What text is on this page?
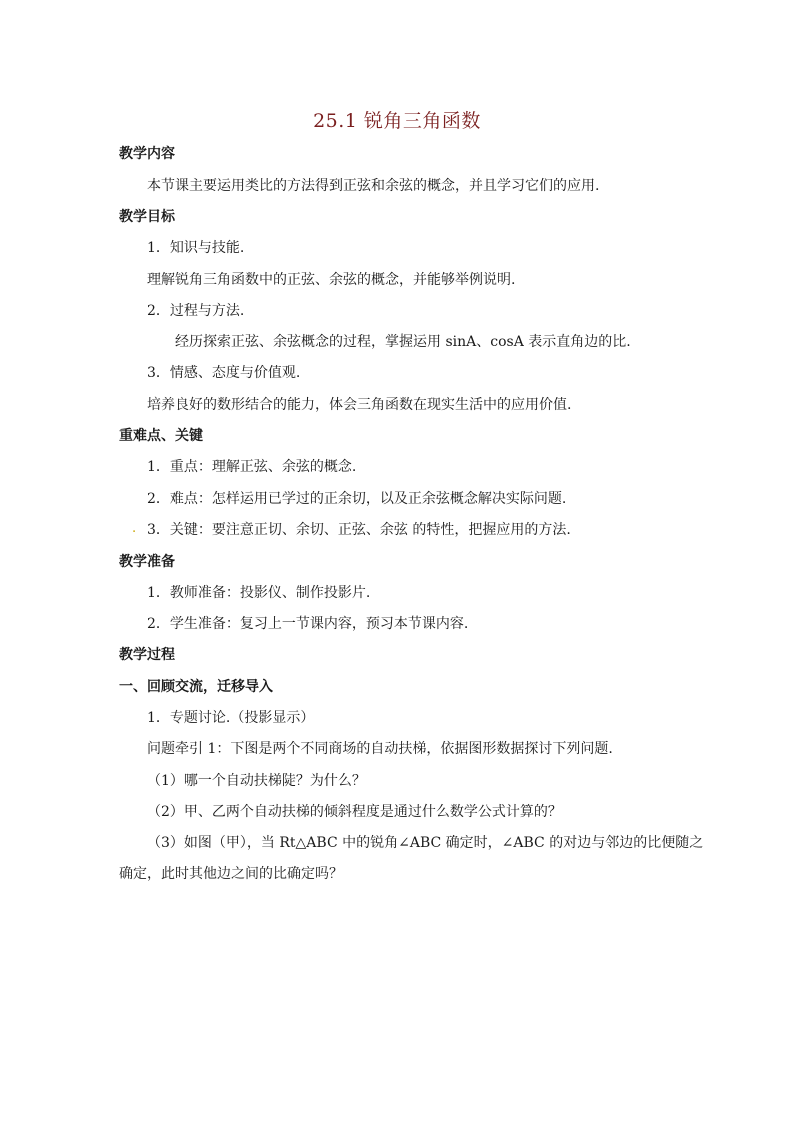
25.1 锐角三角函数
教学内容
本节课主要运用类比的方法得到正弦和余弦的概念，并且学习它们的应用.
教学目标
1．知识与技能.
理解锐角三角函数中的正弦、余弦的概念，并能够举例说明.
2．过程与方法.
经历探索正弦、余弦概念的过程，掌握运用 sinA、cosA 表示直角边的比.
3．情感、态度与价值观.
培养良好的数形结合的能力，体会三角函数在现实生活中的应用价值.
重难点、关键
1．重点：理解正弦、余弦的概念.
2．难点：怎样运用已学过的正余切，以及正余弦概念解决实际问题.
. 3．关键：要注意正切、余切、正弦、余弦 的特性，把握应用的方法.
教学准备
1．教师准备：投影仪、制作投影片.
2．学生准备：复习上一节课内容，预习本节课内容.
教学过程
一、回顾交流，迁移导入
1．专题讨论.（投影显示）
问题牵引 1：下图是两个不同商场的自动扶梯，依据图形数据探讨下列问题.
（1）哪一个自动扶梯陡？为什么？
（2）甲、乙两个自动扶梯的倾斜程度是通过什么数学公式计算的？
（3）如图（甲），当 Rt△ABC 中的锐角∠ABC 确定时，∠ABC 的对边与邻边的比便随之
确定，此时其他边之间的比确定吗？
